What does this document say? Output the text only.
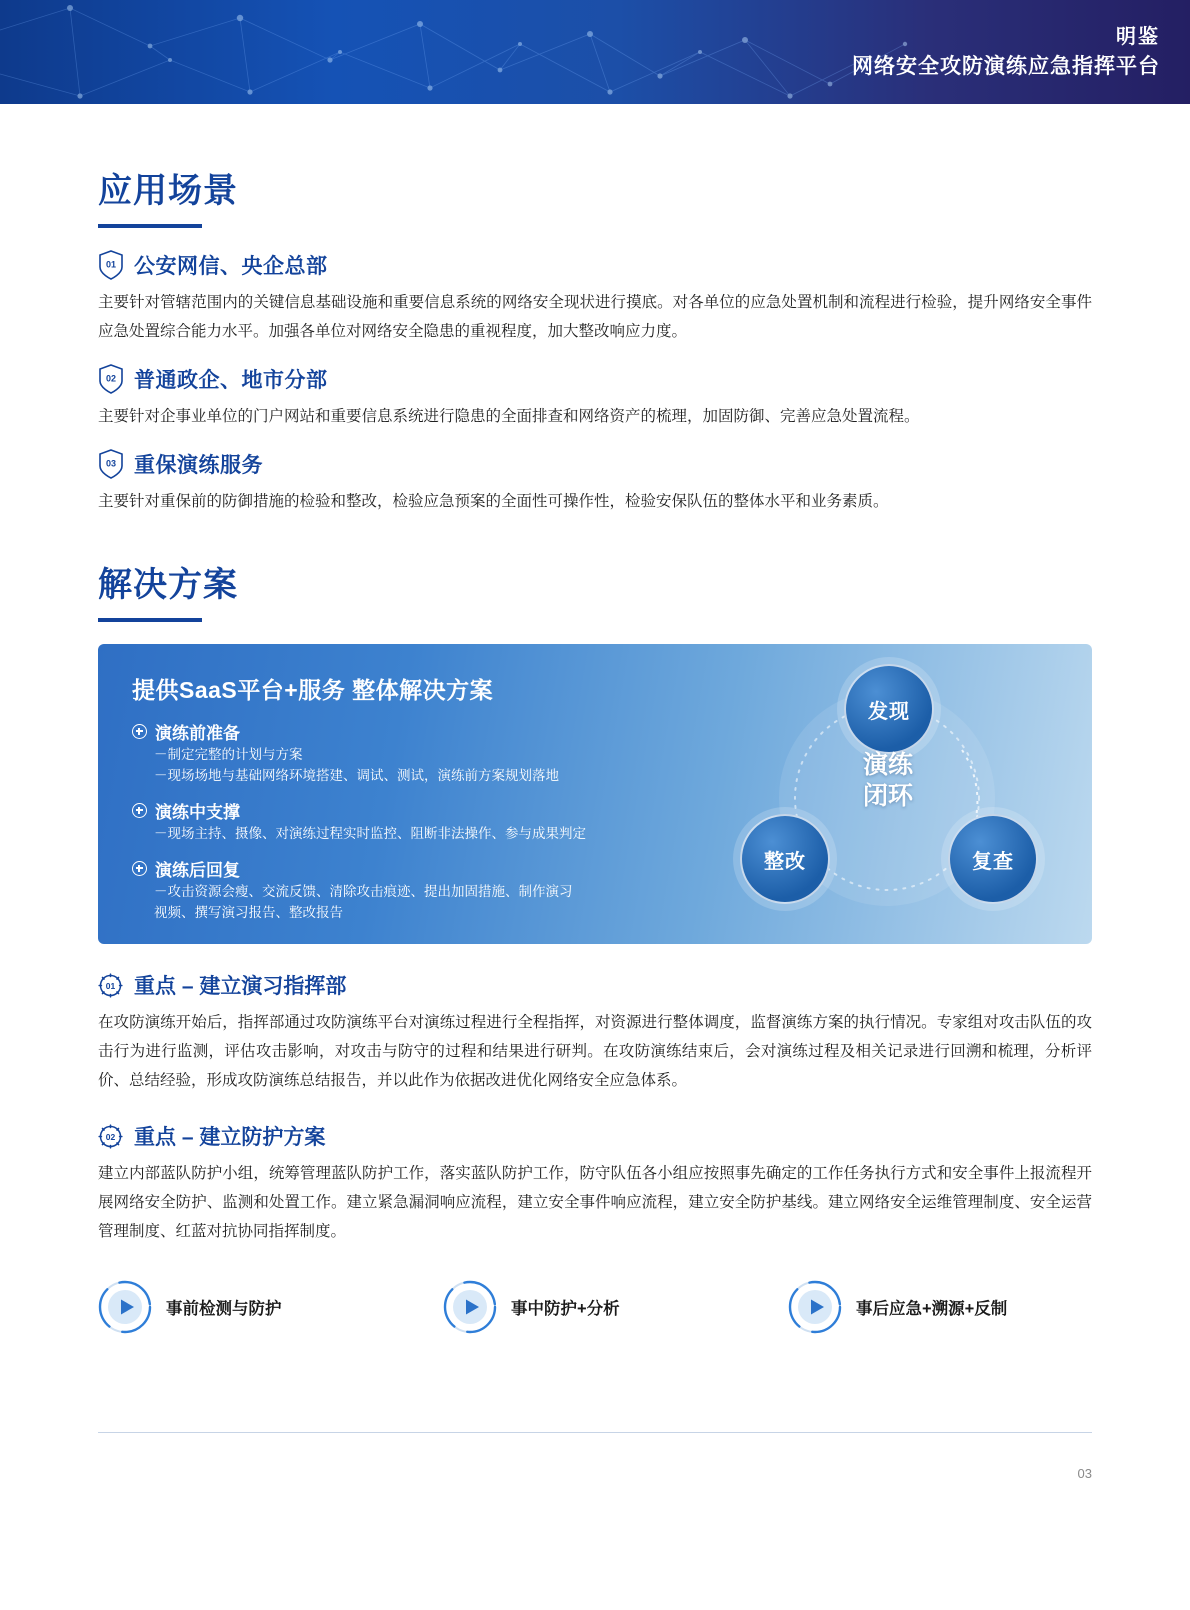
明鉴
网络安全攻防演练应急指挥平台
应用场景
01 公安网信、央企总部

主要针对管辖范围内的关键信息基础设施和重要信息系统的网络安全现状进行摸底。对各单位的应急处置机制和流程进行检验，提升网络安全事件应急处置综合能力水平。加强各单位对网络安全隐患的重视程度，加大整改响应力度。

02 普通政企、地市分部

主要针对企事业单位的门户网站和重要信息系统进行隐患的全面排查和网络资产的梳理，加固防御、完善应急处置流程。

03 重保演练服务

主要针对重保前的防御措施的检验和整改，检验应急预案的全面性可操作性，检验安保队伍的整体水平和业务素质。

解决方案
提供SaaS平台+服务 整体解决方案
演练前准备
－制定完整的计划与方案
－现场场地与基础网络环境搭建、调试、测试，演练前方案规划落地
演练中支撑
－现场主持、摄像、对演练过程实时监控、阻断非法操作、参与成果判定
演练后回复
－攻击资源会瘦、交流反馈、清除攻击痕迹、提出加固措施、制作演习
视频、撰写演习报告、整改报告
发现
复查
整改
演练
闭环
01 重点 – 建立演习指挥部

在攻防演练开始后，指挥部通过攻防演练平台对演练过程进行全程指挥，对资源进行整体调度，监督演练方案的执行情况。专家组对攻击队伍的攻击行为进行监测，评估攻击影响，对攻击与防守的过程和结果进行研判。在攻防演练结束后，会对演练过程及相关记录进行回溯和梳理，分析评价、总结经验，形成攻防演练总结报告，并以此作为依据改进优化网络安全应急体系。

02 重点 – 建立防护方案

建立内部蓝队防护小组，统筹管理蓝队防护工作，落实蓝队防护工作，防守队伍各小组应按照事先确定的工作任务执行方式和安全事件上报流程开展网络安全防护、监测和处置工作。建立紧急漏洞响应流程，建立安全事件响应流程，建立安全防护基线。建立网络安全运维管理制度、安全运营管理制度、红蓝对抗协同指挥制度。

事前检测与防护	事中防护+分析	事后应急+溯源+反制
03
